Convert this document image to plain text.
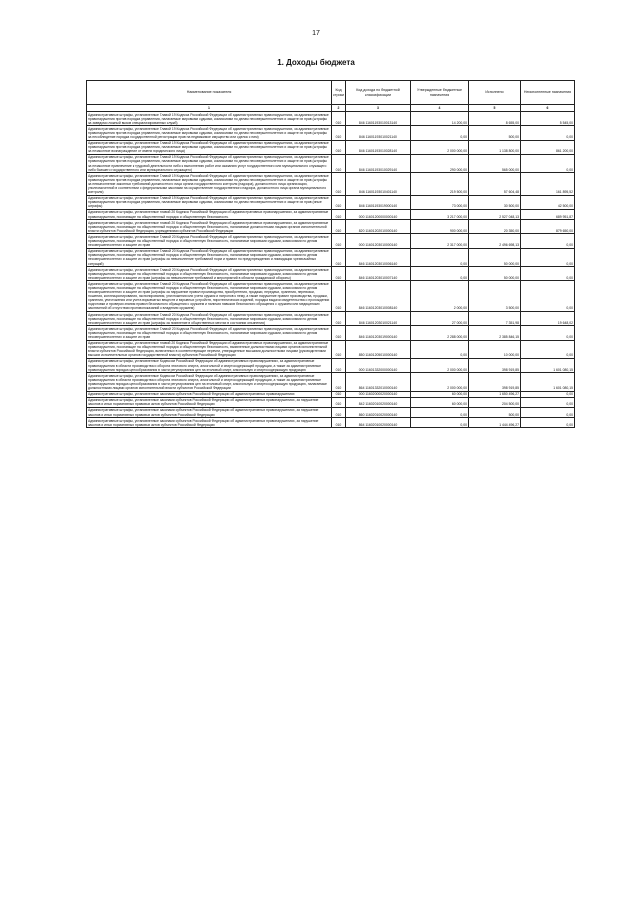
17
1. Доходы бюджета
Наименование показателя	Код строки	Код дохода по бюджетной классификации	Утвержденные бюджетные назначения	Исполнено	Неисполненные назначения
1	2	3	4	5	6
Административные штрафы, установленные Главой 19 Кодекса Российской Федерации об административных правонарушениях, за административные правонарушения против порядка управления, налагаемые мировыми судьями, комиссиями по делам несовершеннолетних и защите их прав (штрафы за заведомо ложный вызов специализированных служб)	010	846 11601193010013140	14 200,00	8 655,00	5 545,00
Административные штрафы, установленные Главой 19 Кодекса Российской Федерации об административных правонарушениях, за административные правонарушения против порядка управления, налагаемые мировыми судьями, комиссиями по делам несовершеннолетних и защите их прав (штрафы за несоблюдение порядка государственной регистрации прав на недвижимое имущество или сделок с ним)	010	846 11601193010021140	0,00	500,00	0,00
Административные штрафы, установленные Главой 19 Кодекса Российской Федерации об административных правонарушениях, за административные правонарушения против порядка управления, налагаемые мировыми судьями, комиссиями по делам несовершеннолетних и защите их прав (штрафы за незаконное вознаграждение от имени юридического лица)	010	846 11601193010028140	2 000 000,00	1 138 800,00	861 200,00
Административные штрафы, установленные Главой 19 Кодекса Российской Федерации об административных правонарушениях, за административные правонарушения против порядка управления, налагаемые мировыми судьями, комиссиями по делам несовершеннолетних и защите их прав (штрафы за незаконное привлечение к трудовой деятельности либо к выполнению работ или оказанию услуг государственного или муниципального служащего либо бывшего государственного или муниципального служащего)	010	846 11601193010029140	290 000,00	565 000,00	0,00
Административные штрафы, установленные Главой 19 Кодекса Российской Федерации об административных правонарушениях, за административные правонарушения против порядка управления, налагаемые мировыми судьями, комиссиями по делам несовершеннолетних и защите их прав (штрафы за невыполнение законных требований должностного лица органа государственного контроля (надзора), должностного лица организации, уполномоченной в соответствии с федеральными законами на осуществление государственного надзора, должностного лица органа муниципального контроля)	010	846 11601193010401140	219 500,00	57 604,48	161 895,52
Административные штрафы, установленные Главой 19 Кодекса Российской Федерации об административных правонарушениях, за административные правонарушения против порядка управления, налагаемые мировыми судьями, комиссиями по делам несовершеннолетних и защите их прав (иные штрафы)	010	846 11601193019000140	73 000,00	30 500,00	42 500,00
Административные штрафы, установленные главой 20 Кодекса Российской Федерации об административных правонарушениях, за административные правонарушения, посягающие на общественный порядок и общественную безопасность	010	000 11601200000000140	3 217 000,00	2 527 048,13	689 951,87
Административные штрафы, установленные главой 20 Кодекса Российской Федерации об административных правонарушениях, за административные правонарушения, посягающие на общественный порядок и общественную безопасность, налагаемые должностными лицами органов исполнительной власти субъектов Российской Федерации, учреждениями субъектов Российской Федерации	010	820 11601202010000140	900 000,00	20 350,00	879 650,00
Административные штрафы, установленные Главой 20 Кодекса Российской Федерации об административных правонарушениях, за административные правонарушения, посягающие на общественный порядок и общественную безопасность, налагаемые мировыми судьями, комиссиями по делам несовершеннолетних и защите их прав	010	000 11601203010000140	2 317 000,00	2 496 698,13	0,00
Административные штрафы, установленные Главой 20 Кодекса Российской Федерации об административных правонарушениях, за административные правонарушения, посягающие на общественный порядок и общественную безопасность, налагаемые мировыми судьями, комиссиями по делам несовершеннолетних и защите их прав (штрафы за невыполнение требований норм и правил по предупреждению и ликвидации чрезвычайных ситуаций)	010	846 11601203010006140	0,00	50 000,00	0,00
Административные штрафы, установленные Главой 20 Кодекса Российской Федерации об административных правонарушениях, за административные правонарушения, посягающие на общественный порядок и общественную безопасность, налагаемые мировыми судьями, комиссиями по делам несовершеннолетних и защите их прав (штрафы за невыполнение требований и мероприятий в области гражданской обороны)	010	846 11601203010007140	0,00	50 000,00	0,00
Административные штрафы, установленные Главой 20 Кодекса Российской Федерации об административных правонарушениях, за административные правонарушения, посягающие на общественный порядок и общественную безопасность, налагаемые мировыми судьями, комиссиями по делам несовершеннолетних и защите их прав (штрафы за нарушение правил производства, приобретения, продажи, передачи, хранения, перевозки, ношения, коллекционирования, экспонирования, уничтожения или учета оружия и патронов к нему, а также нарушение правил производства, продажи, хранения, уничтожения или учета взрывчатых веществ и взрывных устройств, пиротехнических изделий, порядка выдачи свидетельства о прохождении подготовки и проверки знания правил безопасного обращения с оружием и наличия навыков безопасного обращения с оружием или медицинских заключений об отсутствии противопоказаний к владению оружием)	010	846 11601203010008140	2 000,00	3 500,00	0,00
Административные штрафы, установленные Главой 20 Кодекса Российской Федерации об административных правонарушениях, за административные правонарушения, посягающие на общественный порядок и общественную безопасность, налагаемые мировыми судьями, комиссиями по делам несовершеннолетних и защите их прав (штрафы за появление в общественных местах в состоянии опьянения)	010	846 11601203010021140	27 000,00	7 351,98	19 648,02
Административные штрафы, установленные Главой 20 Кодекса Российской Федерации об административных правонарушениях, за административные правонарушения, посягающие на общественный порядок и общественную безопасность, налагаемые мировыми судьями, комиссиями по делам несовершеннолетних и защите их прав	010	846 11601203019000140	2 288 000,00	2 385 846,15	0,00
Административные штрафы, установленные главой 20 Кодекса Российской Федерации об административных правонарушениях, за административные правонарушения, посягающие на общественный порядок и общественную безопасность, выявленные должностными лицами органов исполнительной власти субъектов Российской Федерации, включенных в соответствующие перечни, утвержденные высшими должностными лицами (руководителями высших исполнительных органов государственной власти) субъектов Российской Федерации	010	850 11601205010000140	0,00	10 000,00	0,00
Административные штрафы, установленные Кодексом Российской Федерации об административных правонарушениях, за административные правонарушения в области производства и оборота этилового спирта, алкогольной и спиртосодержащей продукции, а также за административные правонарушения порядка ценообразования в части регулирования цен на этиловый спирт, алкогольную и спиртосодержащую продукцию	010	000 11601332000000140	2 000 000,00	398 919,85	1 601 080,15
Административные штрафы, установленные Кодексом Российской Федерации об административных правонарушениях, за административные правонарушения в области производства и оборота этилового спирта, алкогольной и спиртосодержащей продукции, а также за административные правонарушения порядка ценообразования в части регулирования цен на этиловый спирт, алкогольную и спиртосодержащую продукцию, налагаемые должностными лицами органов исполнительной власти субъектов Российской Федерации	010	864 11601332010000140	2 000 000,00	398 919,85	1 601 080,15
Административные штрафы, установленные законами субъектов Российской Федерации об административных правонарушениях	010	000 11602000020000140	60 000,00	1 650 496,27	0,00
Административные штрафы, установленные законами субъектов Российской Федерации об административных правонарушениях, за нарушение законов и иных нормативных правовых актов субъектов Российской Федерации	010	842 11602010020000140	60 000,00	204 500,00	0,00
Административные штрафы, установленные законами субъектов Российской Федерации об административных правонарушениях, за нарушение законов и иных нормативных правовых актов субъектов Российской Федерации	010	860 11602010020000140	0,00	500,00	0,00
Административные штрафы, установленные законами субъектов Российской Федерации об административных правонарушениях, за нарушение законов и иных нормативных правовых актов субъектов Российской Федерации	010	864 11602010020000140	0,00	1 444 496,27	0,00
